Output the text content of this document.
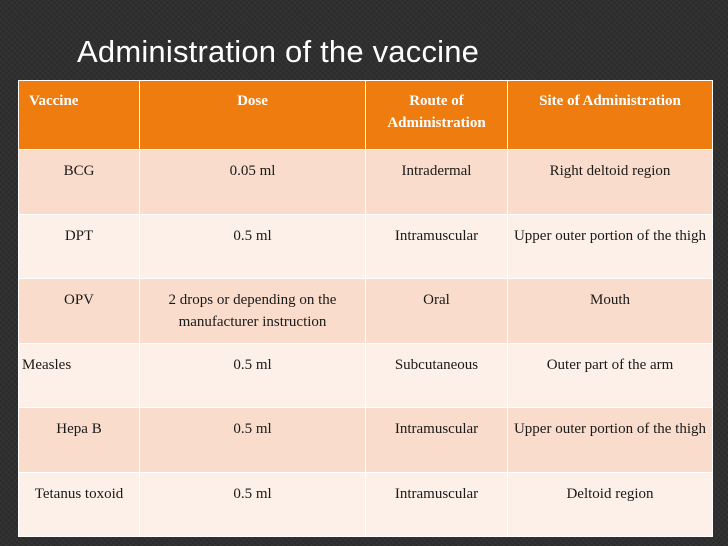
Administration of the vaccine
Vaccine	Dose	Route of Administration	Site of Administration
BCG	0.05 ml	Intradermal	Right deltoid region
DPT	0.5 ml	Intramuscular	Upper outer portion of the thigh
OPV	2 drops or depending on the manufacturer instruction	Oral	Mouth
Measles	0.5 ml	Subcutaneous	Outer part of the arm
Hepa B	0.5 ml	Intramuscular	Upper outer portion of the thigh
Tetanus toxoid	0.5 ml	Intramuscular	Deltoid region
